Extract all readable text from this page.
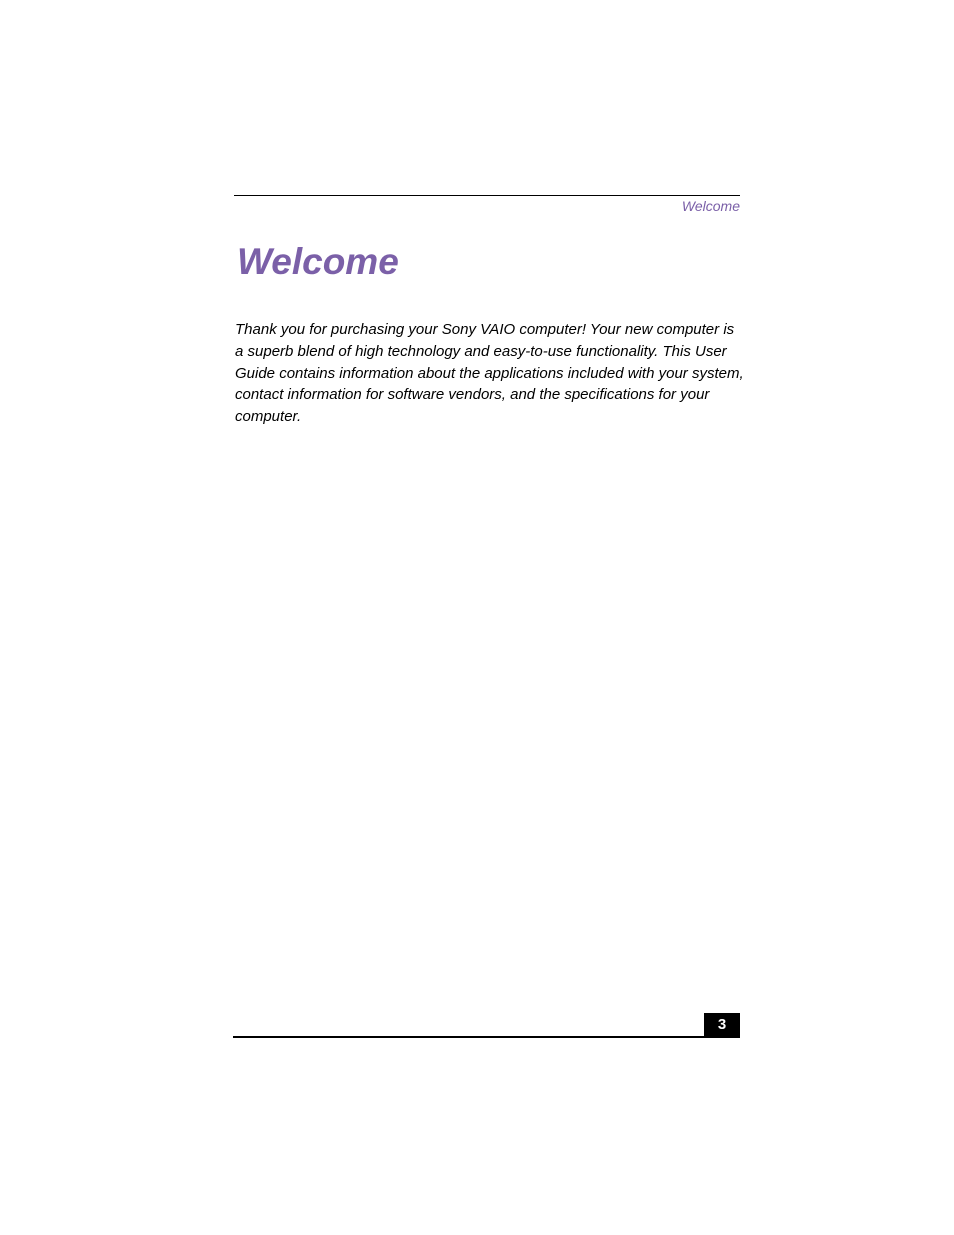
Welcome
Welcome

Thank you for purchasing your Sony VAIO computer! Your new computer is a superb blend of high technology and easy-to-use functionality. This User Guide contains information about the applications included with your system, contact information for software vendors, and the specifications for your computer.

3
